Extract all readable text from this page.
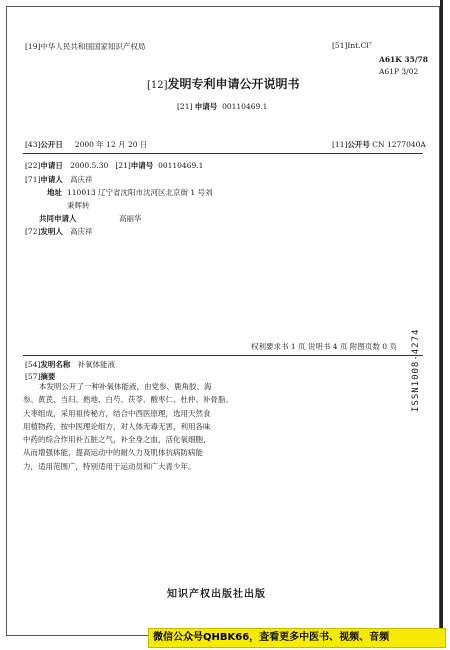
[19]中华人民共和国国家知识产权局	[51]Int.Cl⁷
A61K 35/78
A61P 3/02
[12]发明专利申请公开说明书
[21] 申请号 00110469.1
[43]公开日 2000 年 12 月 20 日	[11]公开号 CN 1277040A
[22]申请日 2000.5.30 [21]申请号 00110469.1
[71]申请人 高庆祥
地址 110013 辽宁省沈阳市沈河区北京街 1 号刘
秉辉转
共同申请人	高丽华
[72]发明人 高庆祥
权利要求书 1 页 说明书 4 页 附图页数 0 页
[54]发明名称 补氧体能液
[57]摘要
本发明公开了一种补氧体能液，由党参、鹿角胶、海
参、黄芪、当归、熟地、白芍、茯苓、酸枣仁、杜仲、补骨脂、
大枣组成，采用祖传秘方，结合中西医原理，选用天然食
用植物药，按中医理论组方，对人体无毒无害，利用各味
中药的综合作用补五脏之气，补全身之血，活化氧细胞，
从而增强体能，提高运动中的耐久力及肌体抗病防病能
力，适用范围广，特别适用于运动员和广大青少年。
ISSN1008-4274
知识产权出版社出版
微信公众号QHBK66，查看更多中医书、视频、音频
